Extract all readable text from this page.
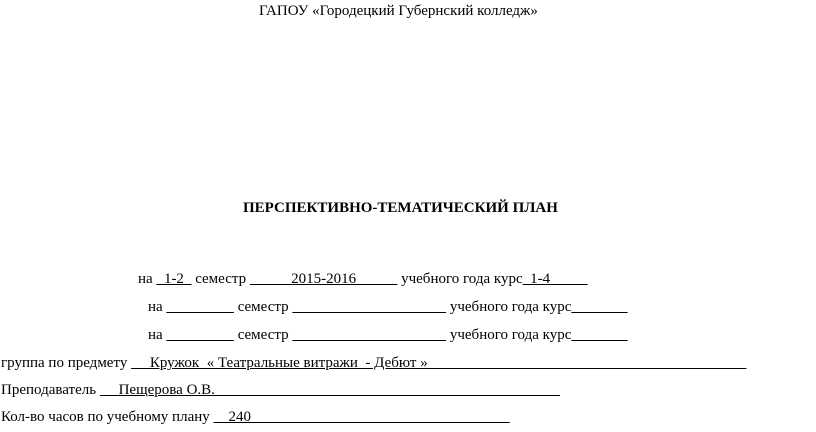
ГАПОУ «Городецкий Губернский колледж»
ПЕРСПЕКТИВНО-ТЕМАТИЧЕСКИЙ ПЛАН
на   1-2   семестр            2015-2016            учебного года курс  1-4
на	семестр	учебного года курс
на	семестр	учебного года курс
группа по предмету      Кружок  « Театральные витражи  - Дебют »
Преподаватель      Пещерова О.В.
Кол-во часов по учебному плану     240
